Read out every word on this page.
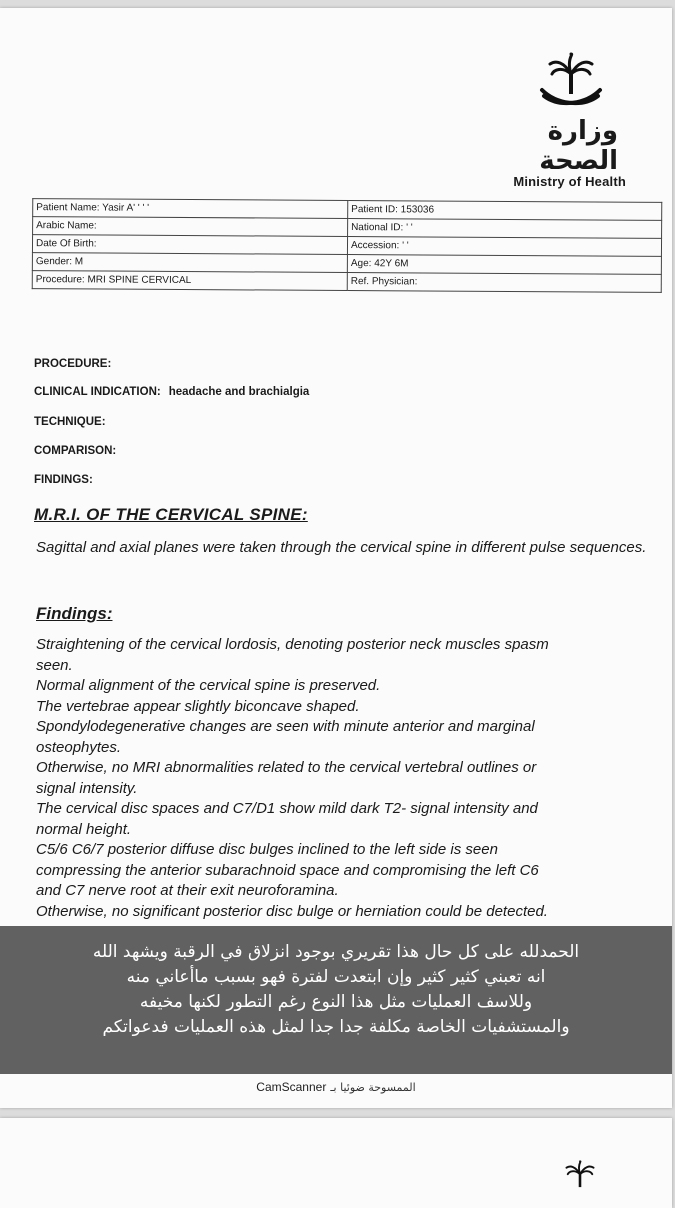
وزارة الصحة
Ministry of Health
Patient Name: Yasir A' ' ' '	Patient ID: 153036
Arabic Name:	National ID: ' '
Date Of Birth:	Accession: ' '
Gender: M	Age: 42Y 6M
Procedure: MRI SPINE CERVICAL	Ref. Physician:
PROCEDURE:
CLINICAL INDICATION: headache and brachialgia
TECHNIQUE:
COMPARISON:
FINDINGS:
M.R.I. OF THE CERVICAL SPINE:
Sagittal and axial planes were taken through the cervical spine in different pulse sequences.
Findings:
Straightening of the cervical lordosis, denoting posterior neck muscles spasm
seen.
Normal alignment of the cervical spine is preserved.
The vertebrae appear slightly biconcave shaped.
Spondylodegenerative changes are seen with minute anterior and marginal
osteophytes.
Otherwise, no MRI abnormalities related to the cervical vertebral outlines or
signal intensity.
The cervical disc spaces and C7/D1 show mild dark T2- signal intensity and
normal height.
C5/6 C6/7 posterior diffuse disc bulges inclined to the left side is seen
compressing the anterior subarachnoid space and compromising the left C6
and C7 nerve root at their exit neuroforamina.
Otherwise, no significant posterior disc bulge or herniation could be detected.
الحمدلله على كل حال هذا تقريري بوجود انزلاق في الرقبة ويشهد الله
انه تعبني كثير كثير وإن ابتعدت لفترة فهو بسبب ماأعاني منه
وللاسف العمليات مثل هذا النوع رغم التطور لكنها مخيفه
والمستشفيات الخاصة مكلفة جدا جدا لمثل هذه العمليات فدعواتكم
CamScanner الممسوحة ضوئيا بـ
